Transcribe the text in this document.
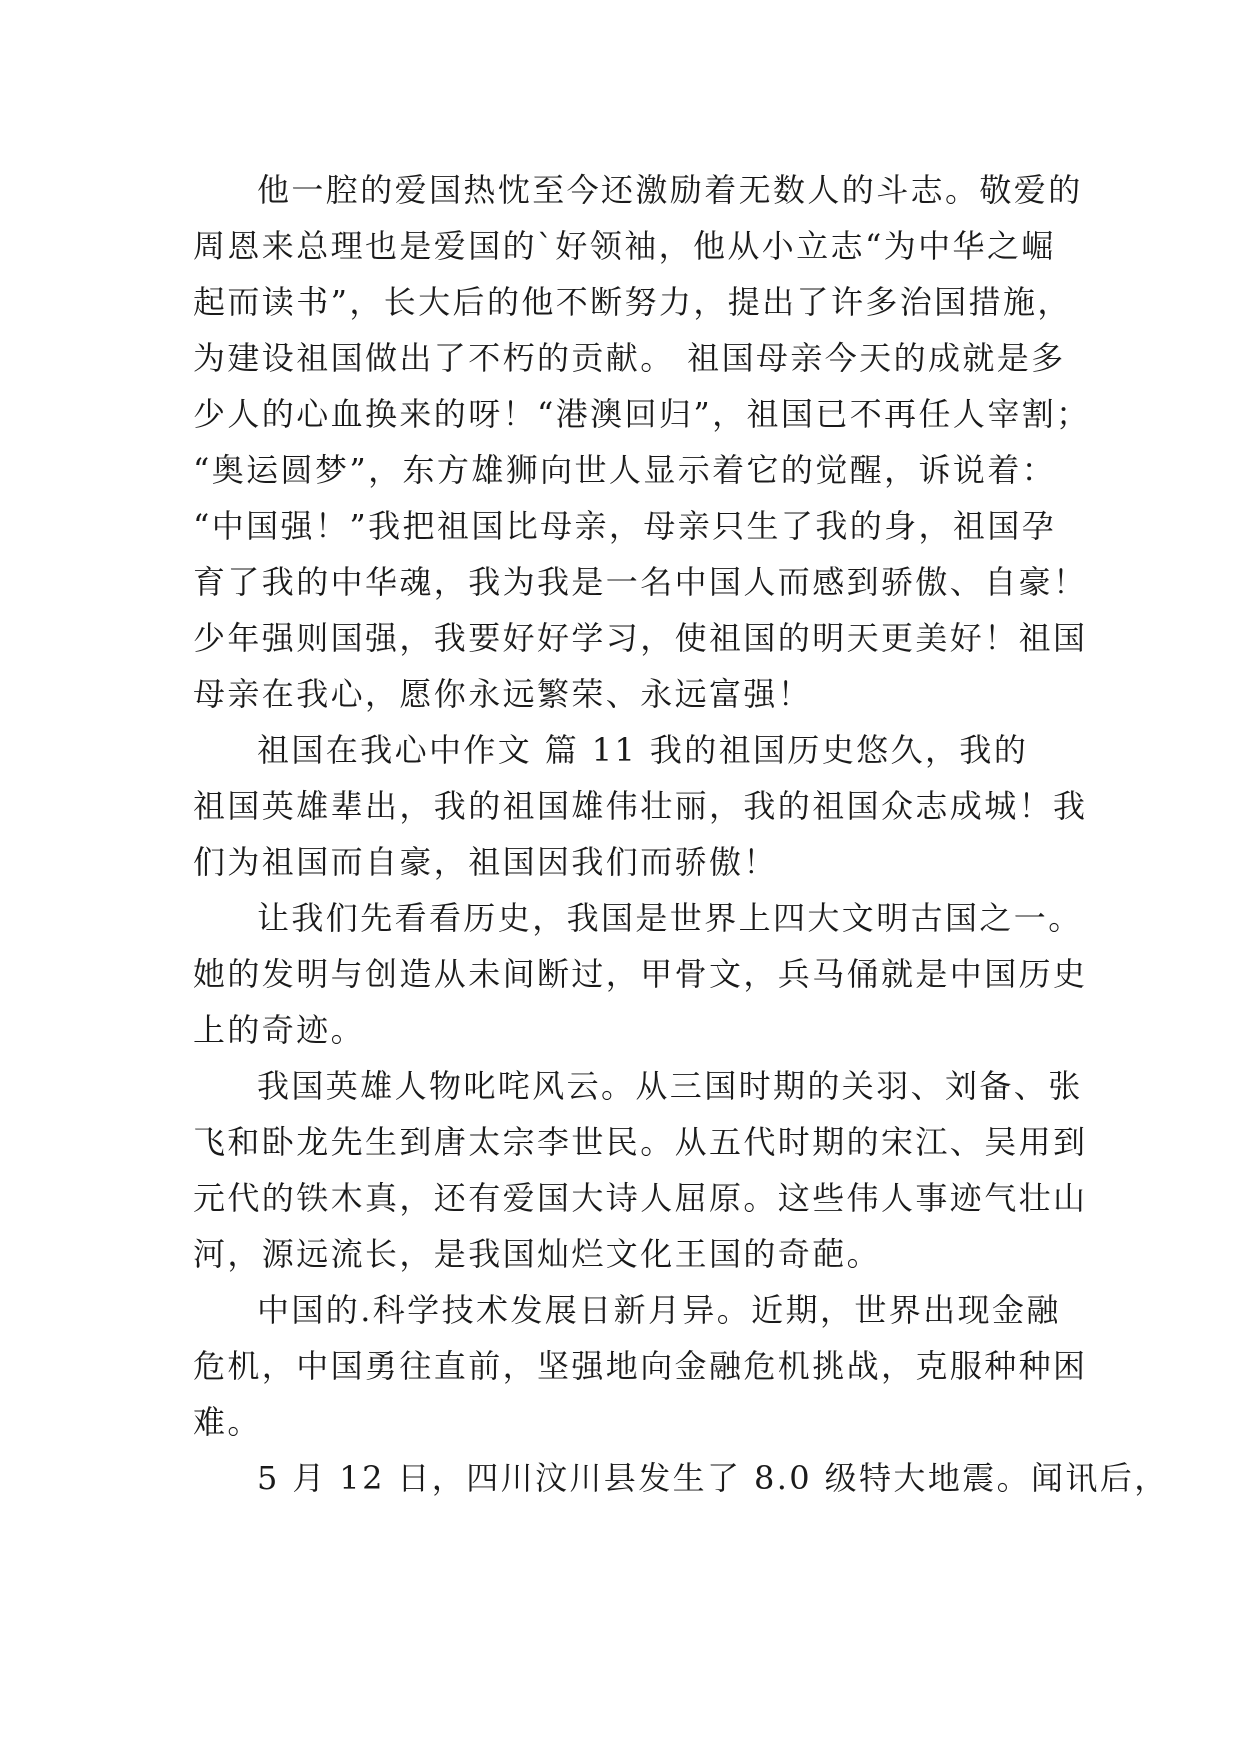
他一腔的爱国热忱至今还激励着无数人的斗志。敬爱的
周恩来总理也是爱国的`好领袖，他从小立志“为中华之崛
起而读书”，长大后的他不断努力，提出了许多治国措施，
为建设祖国做出了不朽的贡献。 祖国母亲今天的成就是多
少人的心血换来的呀！“港澳回归”，祖国已不再任人宰割；
“奥运圆梦”，东方雄狮向世人显示着它的觉醒，诉说着：
“中国强！”我把祖国比母亲，母亲只生了我的身，祖国孕
育了我的中华魂，我为我是一名中国人而感到骄傲、自豪！
少年强则国强，我要好好学习，使祖国的明天更美好！祖国
母亲在我心，愿你永远繁荣、永远富强！
祖国在我心中作文 篇 11 我的祖国历史悠久，我的
祖国英雄辈出，我的祖国雄伟壮丽，我的祖国众志成城！我
们为祖国而自豪，祖国因我们而骄傲！
让我们先看看历史，我国是世界上四大文明古国之一。
她的发明与创造从未间断过，甲骨文，兵马俑就是中国历史
上的奇迹。
我国英雄人物叱咤风云。从三国时期的关羽、刘备、张
飞和卧龙先生到唐太宗李世民。从五代时期的宋江、吴用到
元代的铁木真，还有爱国大诗人屈原。这些伟人事迹气壮山
河，源远流长，是我国灿烂文化王国的奇葩。
中国的.科学技术发展日新月异。近期，世界出现金融
危机，中国勇往直前，坚强地向金融危机挑战，克服种种困
难。
5 月 12 日，四川汶川县发生了 8.0 级特大地震。闻讯后，
